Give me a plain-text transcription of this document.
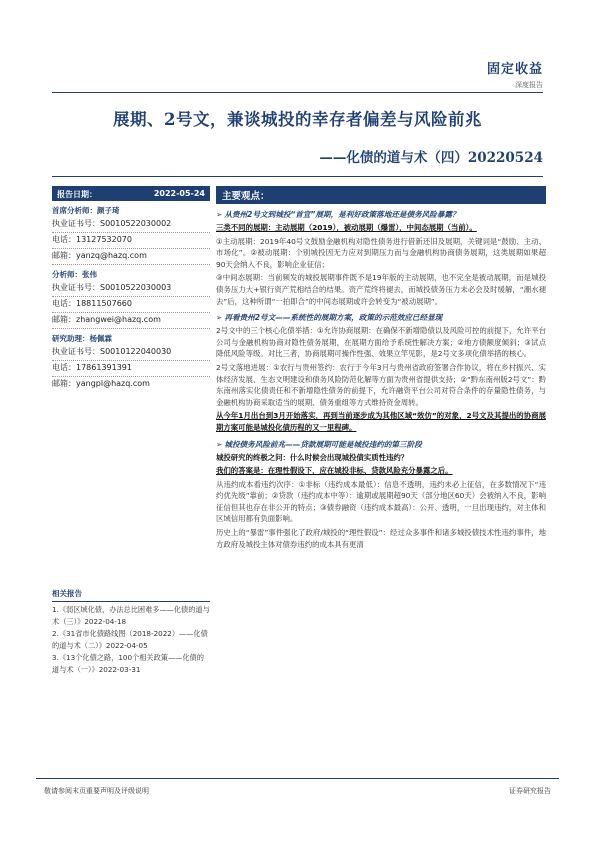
固定收益
深度报告
展期、2号文，兼谈城投的幸存者偏差与风险前兆
——化债的道与术（四）20220524
报告日期：	2022-05-24
首席分析师：颜子琦
执业证书号：S0010522030002
电话：13127532070
邮箱：yanzq@hazq.com
分析师：张伟
执业证书号：S0010522030003
电话：18811507660
邮箱：zhangwei@hazq.com
研究助理：杨佩霖
执业证书号：S0010122040030
电话：17861391391
邮箱：yangpl@hazq.com
相关报告
1.《弱区域化债，办法总比困难多——化债的道与术（三）》2022-04-18
2.《31省市化债路线图（2018-2022）——化债的道与术（二）》2022-04-05
3.《13个化债之路，100个相关政策——化债的道与术（一）》2022-03-31
主要观点：
➢ 从贵州2号文到城投“首宣”展期，是利好政策落地还是债务风险暴露？
三类不同的展期：主动展期（2019），被动展期（爆雷），中间态展期（当前）。
①主动展期：2019年40号文鼓励金融机构对隐性债务进行借新还旧及展期，关键词是“鼓励、主动、市场化”。②被动展期：个别城投因无力应对到期压力而与金融机构协商债务展期，这类展期如果超90天会纳入不良，影响企业征信；
③中间态展期：当前频发的城投展期事件既不是19年版的主动展期，也不完全是被动展期，而是城投债务压力大+银行资产荒相结合的结果。资产荒终将褪去，而城投债务压力未必会及时缓解，“潮水褪去”后，这种所谓“一拍即合”的中间态展期或许会转变为“被动展期”。
➢ 再看贵州2号文——系统性的展期方案，政策的示范效应已经显现
2号文中的三个核心化债举措：①允许协商展期：在确保不新增隐债以及风险可控的前提下，允许平台公司与金融机构协商对隐性债务展期，在展期方面给予系统性解决方案；②地方债额度倾斜；③试点降低风险等级。对比三者，协商展期可操作性强、效果立竿见影，是2号文多项化债举措的核心。
2号文落地进展：①农行与贵州签约：农行于今年3月与贵州省政府签署合作协议，将在乡村振兴、实体经济发展、生态文明建设和债务风险防范化解等方面为贵州省提供支持；②“黔东南州版2号文”：黔东南州落实化债责任和不新增隐性债务的前提下，允许融资平台公司对符合条件的存量隐性债务，与金融机构协商采取适当的展期、债务重组等方式维持资金周转。
从今年1月出台到3月开始落实，再到当前逐步成为其他区域“效仿”的对象，2号文及其提出的协商展期方案可能是城投化债历程的又一里程碑。
➢ 城投债务风险前兆——贷款展期可能是城投违约的第三阶段
城投研究的终极之问：什么时候会出现城投债实质性违约？
我们的答案是：在理性假设下，应在城投非标、贷款风险充分暴露之后。
从违约成本看违约次序：①非标（违约成本最低）：信息不透明，违约未必上征信，在多数情况下“违约优先级”靠前；②贷款（违约成本中等）：逾期或展期超90天（部分地区60天）会被纳入不良，影响征信但其也存在非公开的特点；③债券融资（违约成本最高）：公开、透明，一旦出现违约，对主体和区域信用都有负面影响。
历史上的“暴雷”事件强化了政府/城投的“理性假设”：经过众多事件和诸多城投债技术性违约事件，地方政府及城投主体对债券违约的成本具有更清
敬请参阅末页重要声明及评级说明	证券研究报告
